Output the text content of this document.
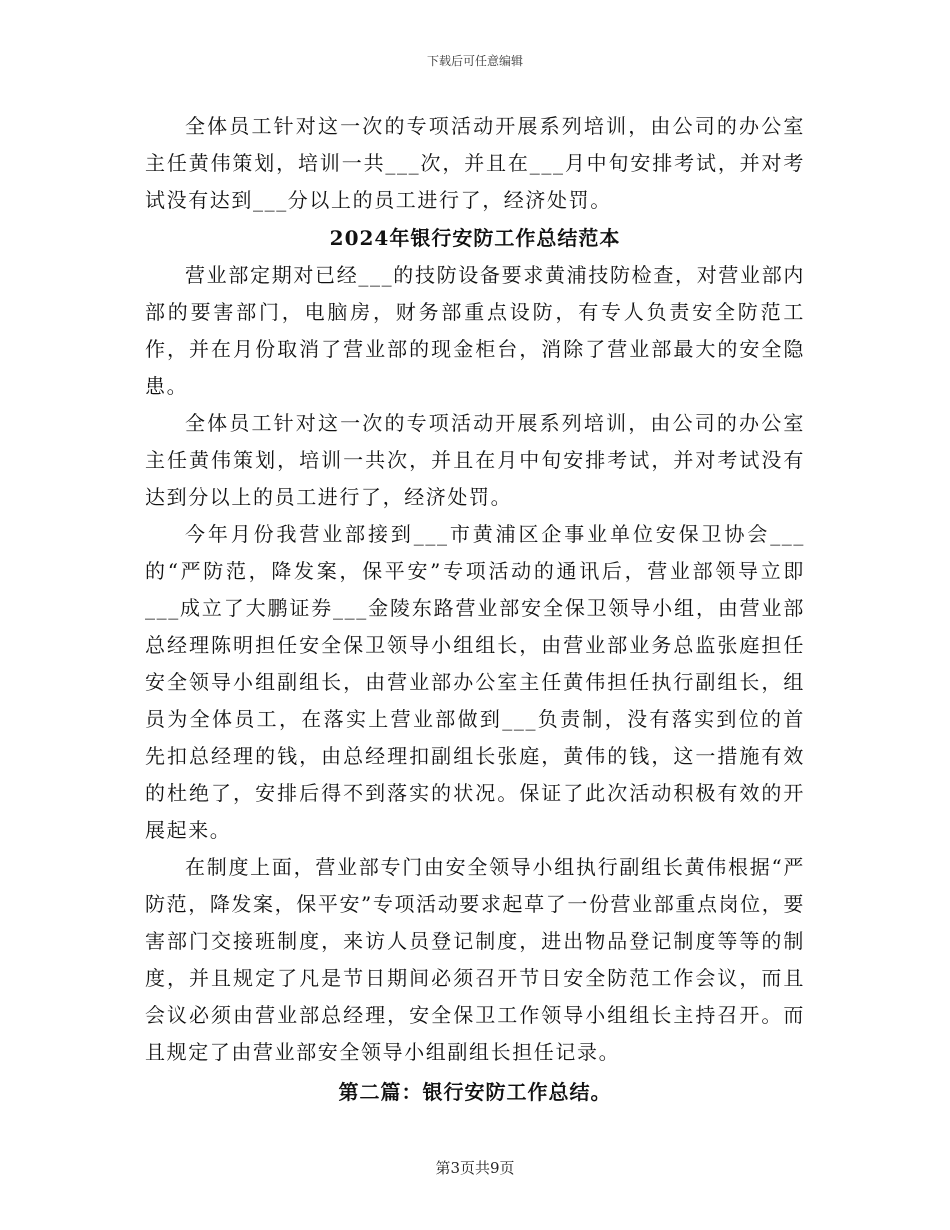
下载后可任意编辑

全体员工针对这一次的专项活动开展系列培训，由公司的办公室主任黄伟策划，培训一共___次，并且在___月中旬安排考试，并对考试没有达到___分以上的员工进行了，经济处罚。

2024年银行安防工作总结范本

营业部定期对已经___的技防设备要求黄浦技防检查，对营业部内部的要害部门，电脑房，财务部重点设防，有专人负责安全防范工作，并在月份取消了营业部的现金柜台，消除了营业部最大的安全隐患。

全体员工针对这一次的专项活动开展系列培训，由公司的办公室主任黄伟策划，培训一共次，并且在月中旬安排考试，并对考试没有达到分以上的员工进行了，经济处罚。

今年月份我营业部接到___市黄浦区企事业单位安保卫协会___的“严防范，降发案，保平安”专项活动的通讯后，营业部领导立即___成立了大鹏证券___金陵东路营业部安全保卫领导小组，由营业部总经理陈明担任安全保卫领导小组组长，由营业部业务总监张庭担任安全领导小组副组长，由营业部办公室主任黄伟担任执行副组长，组员为全体员工，在落实上营业部做到___负责制，没有落实到位的首先扣总经理的钱，由总经理扣副组长张庭，黄伟的钱，这一措施有效的杜绝了，安排后得不到落实的状况。保证了此次活动积极有效的开展起来。

在制度上面，营业部专门由安全领导小组执行副组长黄伟根据“严防范，降发案，保平安”专项活动要求起草了一份营业部重点岗位，要害部门交接班制度，来访人员登记制度，进出物品登记制度等等的制度，并且规定了凡是节日期间必须召开节日安全防范工作会议，而且会议必须由营业部总经理，安全保卫工作领导小组组长主持召开。而且规定了由营业部安全领导小组副组长担任记录。

第二篇：银行安防工作总结。
第3页共9页
